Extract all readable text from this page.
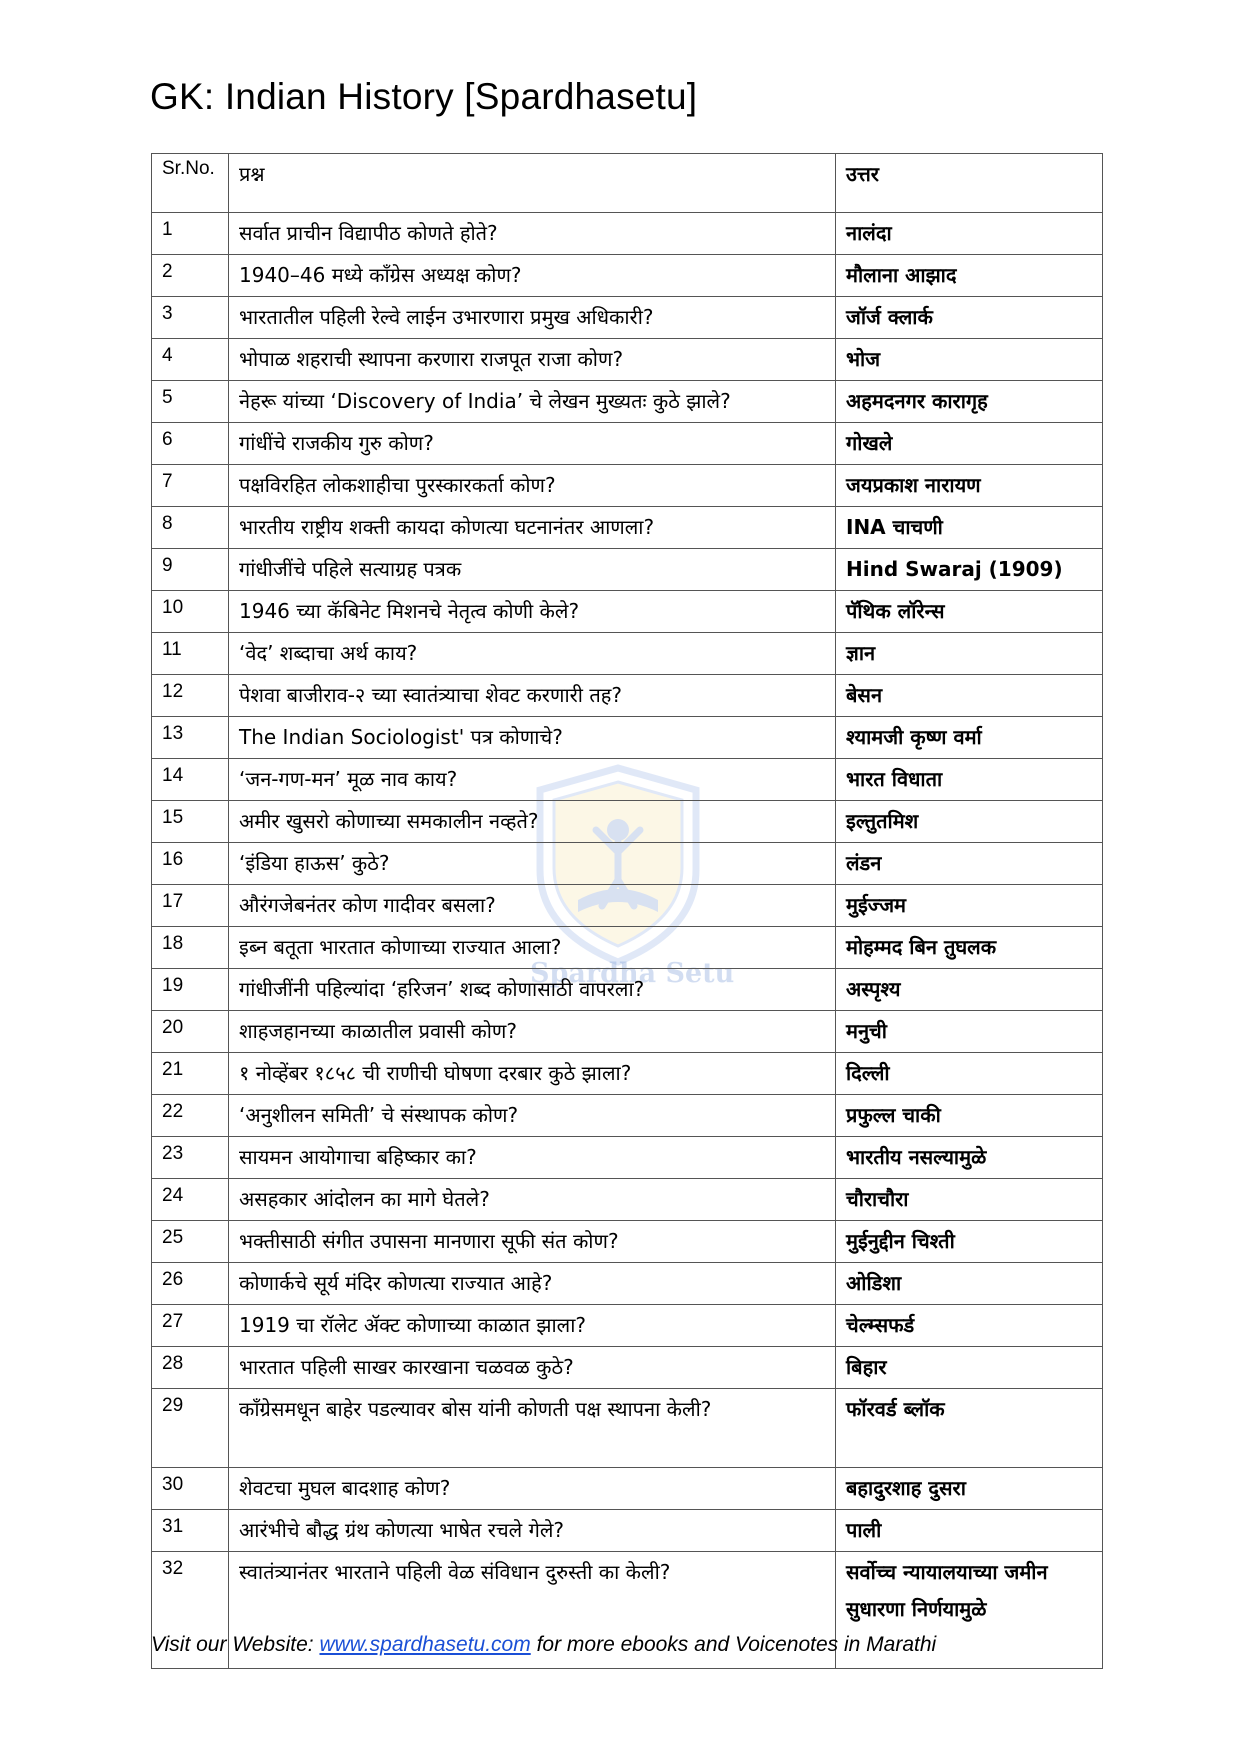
GK: Indian History [Spardhasetu]
Spardha Setu
Sr.No.	प्रश्न	उत्तर
1	सर्वात प्राचीन विद्यापीठ कोणते होते?	नालंदा
2	1940–46 मध्ये काँग्रेस अध्यक्ष कोण?	मौलाना आझाद
3	भारतातील पहिली रेल्वे लाईन उभारणारा प्रमुख अधिकारी?	जॉर्ज क्लार्क
4	भोपाळ शहराची स्थापना करणारा राजपूत राजा कोण?	भोज
5	नेहरू यांच्या ‘Discovery of India’ चे लेखन मुख्यतः कुठे झाले?	अहमदनगर कारागृह
6	गांधींचे राजकीय गुरु कोण?	गोखले
7	पक्षविरहित लोकशाहीचा पुरस्कारकर्ता कोण?	जयप्रकाश नारायण
8	भारतीय राष्ट्रीय शक्ती कायदा कोणत्या घटनानंतर आणला?	INA चाचणी
9	गांधीजींचे पहिले सत्याग्रह पत्रक	Hind Swaraj (1909)
10	1946 च्या कॅबिनेट मिशनचे नेतृत्व कोणी केले?	पॅथिक लॉरेन्स
11	‘वेद’ शब्दाचा अर्थ काय?	ज्ञान
12	पेशवा बाजीराव-२ च्या स्वातंत्र्याचा शेवट करणारी तह?	बेसन
13	The Indian Sociologist' पत्र कोणाचे?	श्यामजी कृष्ण वर्मा
14	‘जन-गण-मन’ मूळ नाव काय?	भारत विधाता
15	अमीर खुसरो कोणाच्या समकालीन नव्हते?	इल्तुतमिश
16	‘इंडिया हाऊस’ कुठे?	लंडन
17	औरंगजेबनंतर कोण गादीवर बसला?	मुईज्जम
18	इब्न बतूता भारतात कोणाच्या राज्यात आला?	मोहम्मद बिन तुघलक
19	गांधीजींनी पहिल्यांदा ‘हरिजन’ शब्द कोणासाठी वापरला?	अस्पृश्य
20	शाहजहानच्या काळातील प्रवासी कोण?	मनुची
21	१ नोव्हेंबर १८५८ ची राणीची घोषणा दरबार कुठे झाला?	दिल्ली
22	‘अनुशीलन समिती’ चे संस्थापक कोण?	प्रफुल्ल चाकी
23	सायमन आयोगाचा बहिष्कार का?	भारतीय नसल्यामुळे
24	असहकार आंदोलन का मागे घेतले?	चौराचौरा
25	भक्तीसाठी संगीत उपासना मानणारा सूफी संत कोण?	मुईनुद्दीन चिश्ती
26	कोणार्कचे सूर्य मंदिर कोणत्या राज्यात आहे?	ओडिशा
27	1919 चा रॉलेट ॲक्ट कोणाच्या काळात झाला?	चेल्म्सफर्ड
28	भारतात पहिली साखर कारखाना चळवळ कुठे?	बिहार
29	काँग्रेसमधून बाहेर पडल्यावर बोस यांनी कोणती पक्ष स्थापना केली?	फॉरवर्ड ब्लॉक
30	शेवटचा मुघल बादशाह कोण?	बहादुरशाह दुसरा
31	आरंभीचे बौद्ध ग्रंथ कोणत्या भाषेत रचले गेले?	पाली
32	स्वातंत्र्यानंतर भारताने पहिली वेळ संविधान दुरुस्ती का केली?	सर्वोच्च न्यायालयाच्या जमीन सुधारणा निर्णयामुळे
Visit our Website: www.spardhasetu.com for more ebooks and Voicenotes in Marathi
